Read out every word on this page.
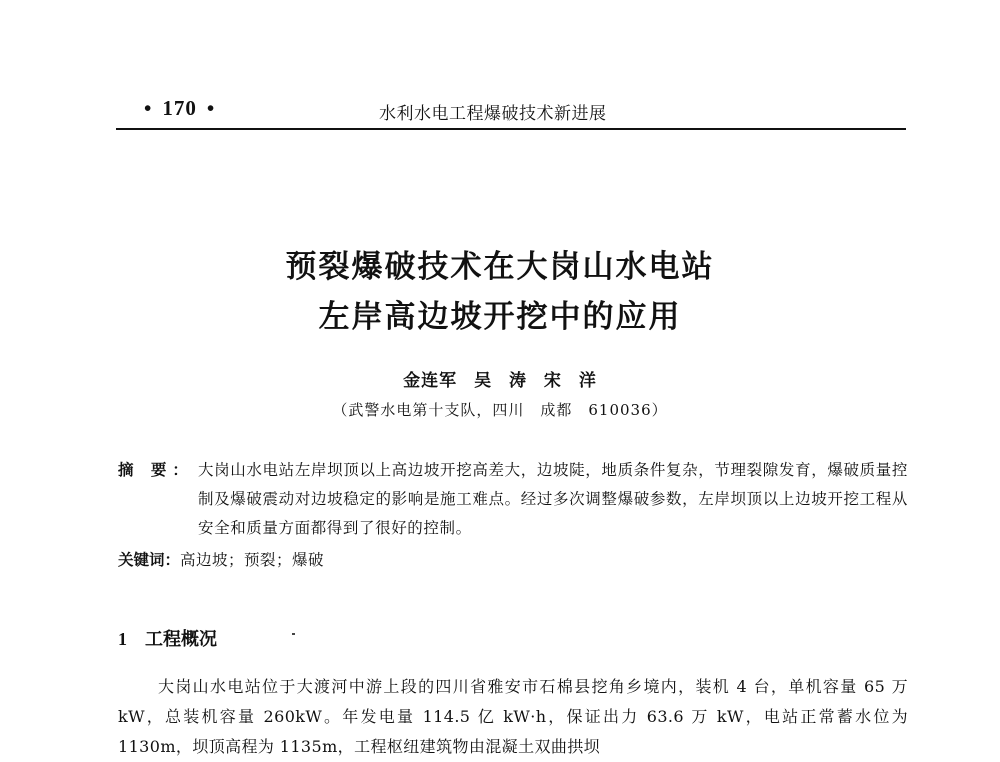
• 170 •	水利水电工程爆破技术新进展
预裂爆破技术在大岗山水电站
左岸高边坡开挖中的应用
金连军 吴 涛 宋 洋
（武警水电第十支队，四川　成都　610036）
摘 要： 大岗山水电站左岸坝顶以上高边坡开挖高差大，边坡陡，地质条件复杂，节理裂隙发育，爆破质量控制及爆破震动对边坡稳定的影响是施工难点。经过多次调整爆破参数，左岸坝顶以上边坡开挖工程从安全和质量方面都得到了很好的控制。
关键词：高边坡；预裂；爆破
1 工程概况
大岗山水电站位于大渡河中游上段的四川省雅安市石棉县挖角乡境内，装机 4 台，单机容量 65 万 kW，总装机容量 260kW。年发电量 114.5 亿 kW·h，保证出力 63.6 万 kW，电站正常蓄水位为 1130m，坝顶高程为 1135m，工程枢纽建筑物由混凝土双曲拱坝
